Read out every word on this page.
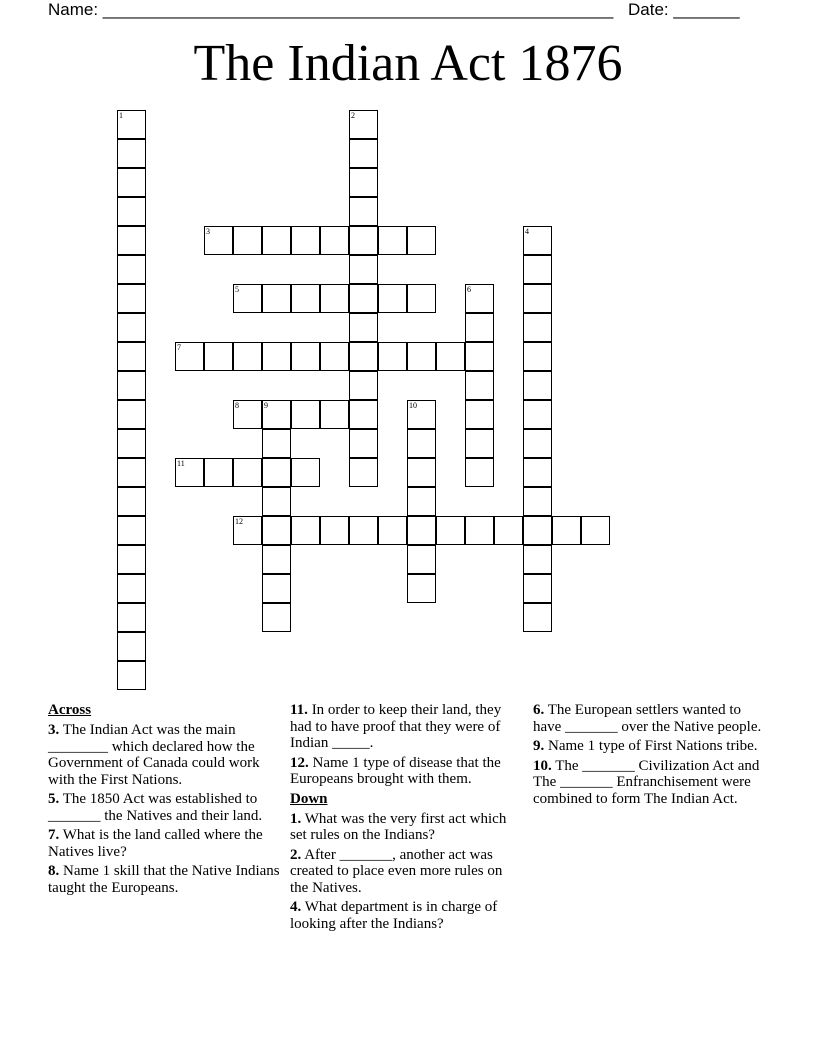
Name: ______________________________________________________ Date: _______
The Indian Act 1876
1	2
3	4
5	6
7
8	9	10
11
12
Across

3. The Indian Act was the main ________ which declared how the Government of Canada could work with the First Nations.

5. The 1850 Act was established to _______ the Natives and their land.

7. What is the land called where the Natives live?

8. Name 1 skill that the Native Indians taught the Europeans.

11. In order to keep their land, they had to have proof that they were of Indian _____.

12. Name 1 type of disease that the Europeans brought with them.

Down

1. What was the very first act which set rules on the Indians?

2. After _______, another act was created to place even more rules on the Natives.

4. What department is in charge of looking after the Indians?

6. The European settlers wanted to have _______ over the Native people.

9. Name 1 type of First Nations tribe.

10. The _______ Civilization Act and The _______ Enfranchisement were combined to form The Indian Act.
